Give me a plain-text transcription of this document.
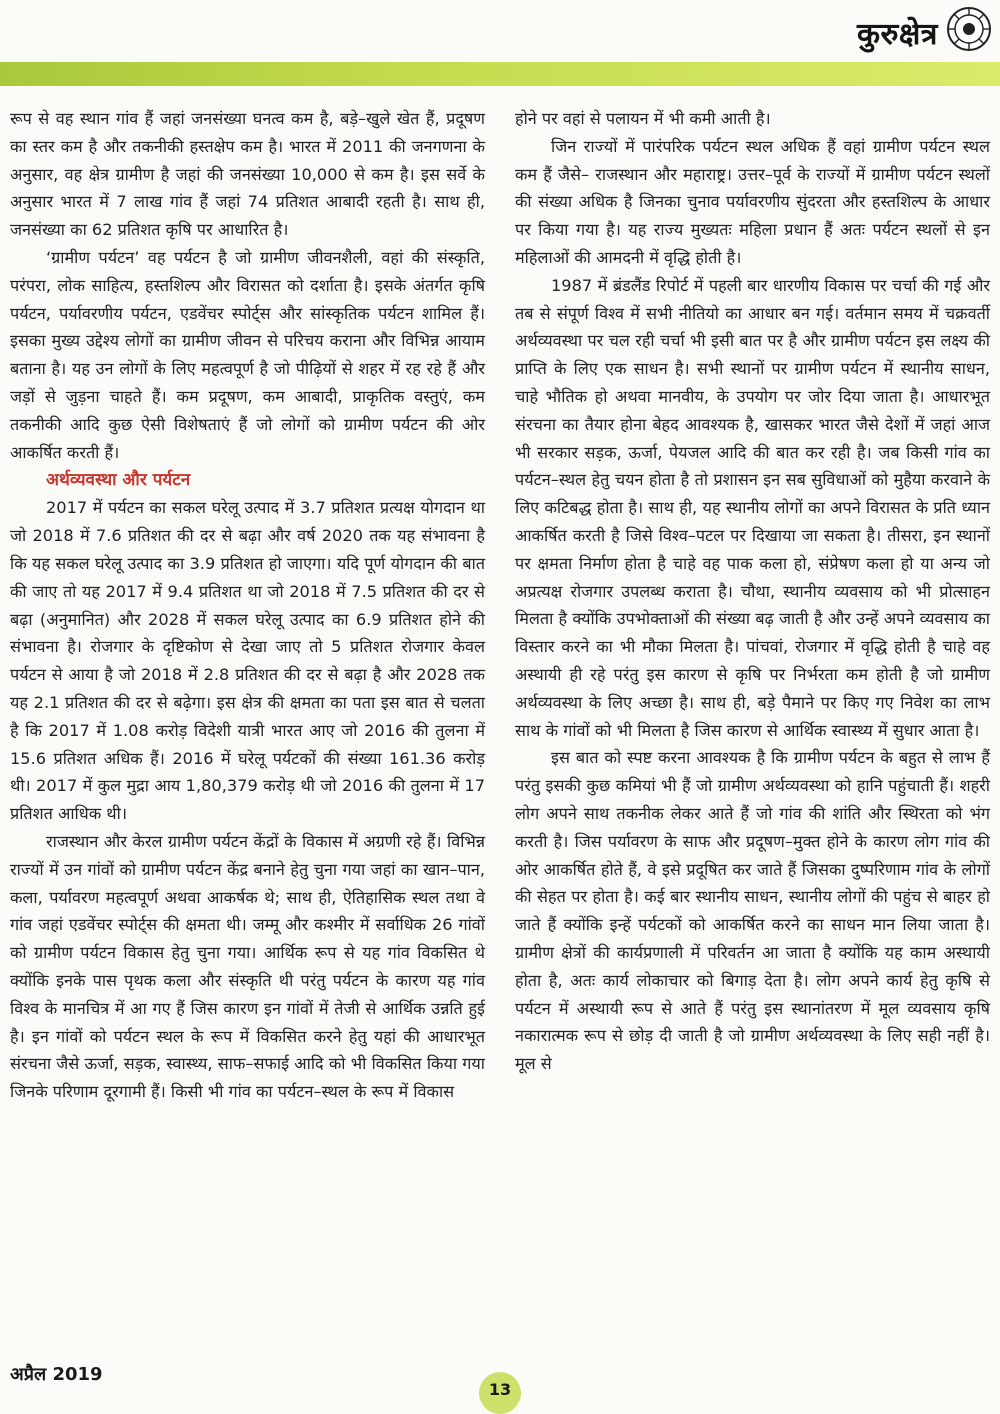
कुरुक्षेत्र

रूप से वह स्थान गांव हैं जहां जनसंख्या घनत्व कम है, बड़े–खुले खेत हैं, प्रदूषण का स्तर कम है और तकनीकी हस्तक्षेप कम है। भारत में 2011 की जनगणना के अनुसार, वह क्षेत्र ग्रामीण है जहां की जनसंख्या 10,000 से कम है। इस सर्वे के अनुसार भारत में 7 लाख गांव हैं जहां 74 प्रतिशत आबादी रहती है। साथ ही, जनसंख्या का 62 प्रतिशत कृषि पर आधारित है।

‘ग्रामीण पर्यटन’ वह पर्यटन है जो ग्रामीण जीवनशैली, वहां की संस्कृति, परंपरा, लोक साहित्य, हस्तशिल्प और विरासत को दर्शाता है। इसके अंतर्गत कृषि पर्यटन, पर्यावरणीय पर्यटन, एडवेंचर स्पोर्ट्स और सांस्कृतिक पर्यटन शामिल हैं। इसका मुख्य उद्देश्य लोगों का ग्रामीण जीवन से परिचय कराना और विभिन्न आयाम बताना है। यह उन लोगों के लिए महत्वपूर्ण है जो पीढ़ियों से शहर में रह रहे हैं और जड़ों से जुड़ना चाहते हैं। कम प्रदूषण, कम आबादी, प्राकृतिक वस्तुएं, कम तकनीकी आदि कुछ ऐसी विशेषताएं हैं जो लोगों को ग्रामीण पर्यटन की ओर आकर्षित करती हैं।

अर्थव्यवस्था और पर्यटन

2017 में पर्यटन का सकल घरेलू उत्पाद में 3.7 प्रतिशत प्रत्यक्ष योगदान था जो 2018 में 7.6 प्रतिशत की दर से बढ़ा और वर्ष 2020 तक यह संभावना है कि यह सकल घरेलू उत्पाद का 3.9 प्रतिशत हो जाएगा। यदि पूर्ण योगदान की बात की जाए तो यह 2017 में 9.4 प्रतिशत था जो 2018 में 7.5 प्रतिशत की दर से बढ़ा (अनुमानित) और 2028 में सकल घरेलू उत्पाद का 6.9 प्रतिशत होने की संभावना है। रोजगार के दृष्टिकोण से देखा जाए तो 5 प्रतिशत रोजगार केवल पर्यटन से आया है जो 2018 में 2.8 प्रतिशत की दर से बढ़ा है और 2028 तक यह 2.1 प्रतिशत की दर से बढ़ेगा। इस क्षेत्र की क्षमता का पता इस बात से चलता है कि 2017 में 1.08 करोड़ विदेशी यात्री भारत आए जो 2016 की तुलना में 15.6 प्रतिशत अधिक हैं। 2016 में घरेलू पर्यटकों की संख्या 161.36 करोड़ थी। 2017 में कुल मुद्रा आय 1,80,379 करोड़ थी जो 2016 की तुलना में 17 प्रतिशत आधिक थी।

राजस्थान और केरल ग्रामीण पर्यटन केंद्रों के विकास में अग्रणी रहे हैं। विभिन्न राज्यों में उन गांवों को ग्रामीण पर्यटन केंद्र बनाने हेतु चुना गया जहां का खान–पान, कला, पर्यावरण महत्वपूर्ण अथवा आकर्षक थे; साथ ही, ऐतिहासिक स्थल तथा वे गांव जहां एडवेंचर स्पोर्ट्स की क्षमता थी। जम्मू और कश्मीर में सर्वाधिक 26 गांवों को ग्रामीण पर्यटन विकास हेतु चुना गया। आर्थिक रूप से यह गांव विकसित थे क्योंकि इनके पास पृथक कला और संस्कृति थी परंतु पर्यटन के कारण यह गांव विश्व के मानचित्र में आ गए हैं जिस कारण इन गांवों में तेजी से आर्थिक उन्नति हुई है। इन गांवों को पर्यटन स्थल के रूप में विकसित करने हेतु यहां की आधारभूत संरचना जैसे ऊर्जा, सड़क, स्वास्थ्य, साफ–सफाई आदि को भी विकसित किया गया जिनके परिणाम दूरगामी हैं। किसी भी गांव का पर्यटन–स्थल के रूप में विकास

होने पर वहां से पलायन में भी कमी आती है।

जिन राज्यों में पारंपरिक पर्यटन स्थल अधिक हैं वहां ग्रामीण पर्यटन स्थल कम हैं जैसे– राजस्थान और महाराष्ट्र। उत्तर–पूर्व के राज्यों में ग्रामीण पर्यटन स्थलों की संख्या अधिक है जिनका चुनाव पर्यावरणीय सुंदरता और हस्तशिल्प के आधार पर किया गया है। यह राज्य मुख्यतः महिला प्रधान हैं अतः पर्यटन स्थलों से इन महिलाओं की आमदनी में वृद्धि होती है।

1987 में ब्रंडलैंड रिपोर्ट में पहली बार धारणीय विकास पर चर्चा की गई और तब से संपूर्ण विश्व में सभी नीतियो का आधार बन गई। वर्तमान समय में चक्रवर्ती अर्थव्यवस्था पर चल रही चर्चा भी इसी बात पर है और ग्रामीण पर्यटन इस लक्ष्य की प्राप्ति के लिए एक साधन है। सभी स्थानों पर ग्रामीण पर्यटन में स्थानीय साधन, चाहे भौतिक हो अथवा मानवीय, के उपयोग पर जोर दिया जाता है। आधारभूत संरचना का तैयार होना बेहद आवश्यक है, खासकर भारत जैसे देशों में जहां आज भी सरकार सड़क, ऊर्जा, पेयजल आदि की बात कर रही है। जब किसी गांव का पर्यटन–स्थल हेतु चयन होता है तो प्रशासन इन सब सुविधाओं को मुहैया करवाने के लिए कटिबद्ध होता है। साथ ही, यह स्थानीय लोगों का अपने विरासत के प्रति ध्यान आकर्षित करती है जिसे विश्व–पटल पर दिखाया जा सकता है। तीसरा, इन स्थानों पर क्षमता निर्माण होता है चाहे वह पाक कला हो, संप्रेषण कला हो या अन्य जो अप्रत्यक्ष रोजगार उपलब्ध कराता है। चौथा, स्थानीय व्यवसाय को भी प्रोत्साहन मिलता है क्योंकि उपभोक्ताओं की संख्या बढ़ जाती है और उन्हें अपने व्यवसाय का विस्तार करने का भी मौका मिलता है। पांचवां, रोजगार में वृद्धि होती है चाहे वह अस्थायी ही रहे परंतु इस कारण से कृषि पर निर्भरता कम होती है जो ग्रामीण अर्थव्यवस्था के लिए अच्छा है। साथ ही, बड़े पैमाने पर किए गए निवेश का लाभ साथ के गांवों को भी मिलता है जिस कारण से आर्थिक स्वास्थ्य में सुधार आता है।

इस बात को स्पष्ट करना आवश्यक है कि ग्रामीण पर्यटन के बहुत से लाभ हैं परंतु इसकी कुछ कमियां भी हैं जो ग्रामीण अर्थव्यवस्था को हानि पहुंचाती हैं। शहरी लोग अपने साथ तकनीक लेकर आते हैं जो गांव की शांति और स्थिरता को भंग करती है। जिस पर्यावरण के साफ और प्रदूषण–मुक्त होने के कारण लोग गांव की ओर आकर्षित होते हैं, वे इसे प्रदूषित कर जाते हैं जिसका दुष्परिणाम गांव के लोगों की सेहत पर होता है। कई बार स्थानीय साधन, स्थानीय लोगों की पहुंच से बाहर हो जाते हैं क्योंकि इन्हें पर्यटकों को आकर्षित करने का साधन मान लिया जाता है। ग्रामीण क्षेत्रों की कार्यप्रणाली में परिवर्तन आ जाता है क्योंकि यह काम अस्थायी होता है, अतः कार्य लोकाचार को बिगाड़ देता है। लोग अपने कार्य हेतु कृषि से पर्यटन में अस्थायी रूप से आते हैं परंतु इस स्थानांतरण में मूल व्यवसाय कृषि नकारात्मक रूप से छोड़ दी जाती है जो ग्रामीण अर्थव्यवस्था के लिए सही नहीं है। मूल से

अप्रैल 2019
13
